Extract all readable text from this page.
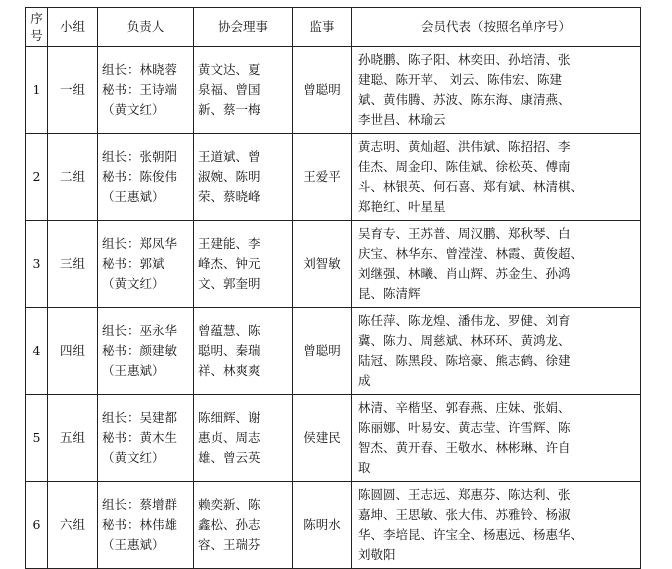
序
号	小组	负责人	协会理事	监事	会员代表（按照名单序号）
1	一组	组长：林晓蓉
秘书：王诗端
（黄文红）	黄文达、夏
泉福、曾国
新、蔡一梅	曾聪明	孙晓鹏、陈子阳、林奕田、孙培清、张
建聪、陈开苹、 刘云、陈伟宏、陈建
斌、黄伟腾、苏波、陈东海、康清燕、
李世昌、林瑜云

2	二组	组长：张朝阳
秘书：陈俊伟
（王惠斌）	王道斌、曾
淑婉、陈明
荣、蔡晓峰	王爱平	黄志明、黄灿超、洪伟斌、陈招招、李
佳杰、周金印、陈佳斌、徐松英、傅南
斗、林银英、何石喜、郑有斌、林清棋、
郑艳红、叶星星

3	三组	组长：郑凤华
秘书：郭斌
（黄文红）	王建能、李
峰杰、钟元
文、郭奎明	刘智敏	吴育专、王苏普、周汉鹏、郑秋琴、白
庆宝、林华东、曾滢滢、林霞、黄俊超、
刘继强、林曦、肖山辉、苏金生、孙鸿
昆、陈清辉

4	四组	组长：巫永华
秘书：颜建敏
（王惠斌）	曾蕴慧、陈
聪明、秦瑞
祥、林爽爽	曾聪明	陈任萍、陈龙煌、潘伟龙、罗健、刘育
冀、陈力、周慈斌、林环环、黄鸿龙、
陆冠、陈黑段、陈培豪、熊志鹤、徐建
成

5	五组	组长：吴建都
秘书：黄木生
（黄文红）	陈细辉、谢
惠贞、周志
雄、曾云英	侯建民	林清、辛楷坚、郭春燕、庄妹、张娟、
陈丽娜、叶易安、黄志莹、许雪辉、陈
智杰、黄开春、王敬水、林彬琳、许自
取

6	六组	组长：蔡增群
秘书：林伟雄
（王惠斌）	赖奕新、陈
鑫松、孙志
容、王瑞芬	陈明水	陈圆圆、王志远、郑惠芬、陈达利、张
嘉坤、王思敏、张大伟、苏雅铃、杨淑
华、李培昆、许宝全、杨惠远、杨惠华、
刘敬阳
